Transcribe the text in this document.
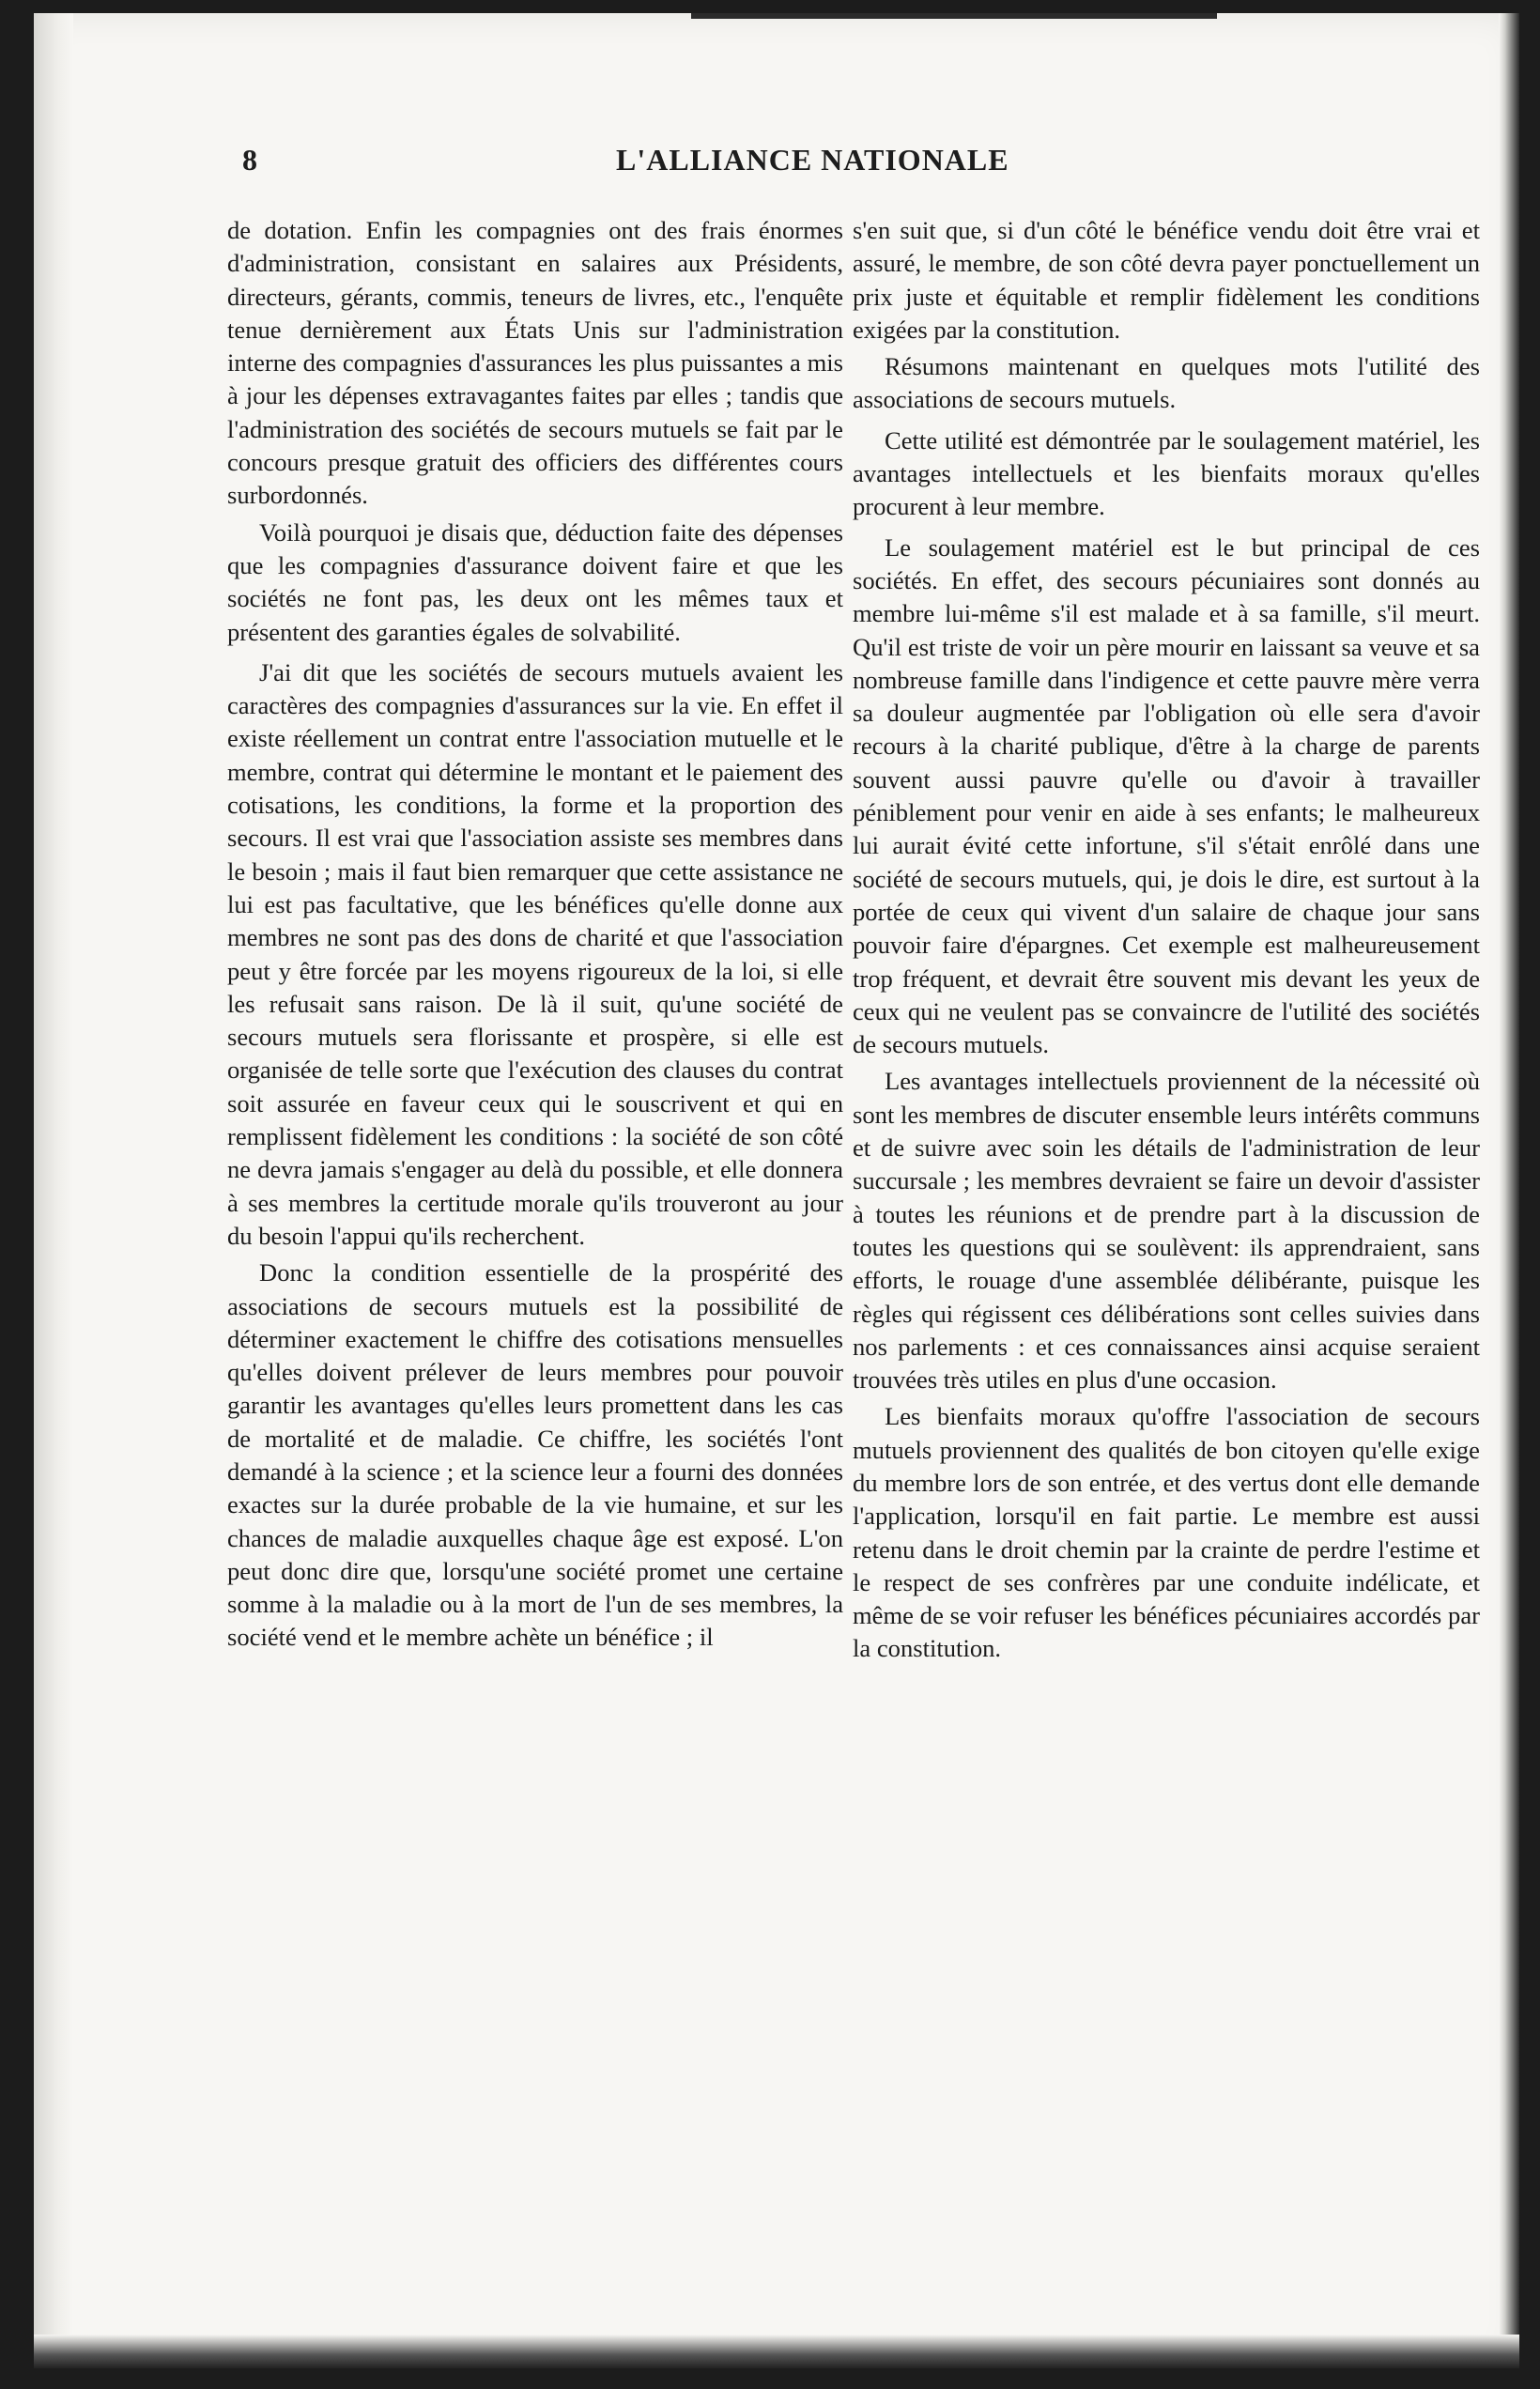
8	L'ALLIANCE NATIONALE

de dotation. Enfin les compagnies ont des frais énormes d'administration, consistant en salaires aux Présidents, directeurs, gérants, commis, teneurs de livres, etc., l'enquête tenue dernièrement aux États Unis sur l'administration interne des compagnies d'assurances les plus puissantes a mis à jour les dépenses extravagantes faites par elles ; tandis que l'administration des sociétés de secours mutuels se fait par le concours presque gratuit des officiers des différentes cours surbordonnés.

Voilà pourquoi je disais que, déduction faite des dépenses que les compagnies d'assurance doivent faire et que les sociétés ne font pas, les deux ont les mêmes taux et présentent des garanties égales de solvabilité.

J'ai dit que les sociétés de secours mutuels avaient les caractères des compagnies d'assurances sur la vie. En effet il existe réellement un contrat entre l'association mutuelle et le membre, contrat qui détermine le montant et le paiement des cotisations, les conditions, la forme et la proportion des secours. Il est vrai que l'association assiste ses membres dans le besoin ; mais il faut bien remarquer que cette assistance ne lui est pas facultative, que les bénéfices qu'elle donne aux membres ne sont pas des dons de charité et que l'association peut y être forcée par les moyens rigoureux de la loi, si elle les refusait sans raison. De là il suit, qu'une société de secours mutuels sera florissante et prospère, si elle est organisée de telle sorte que l'exécution des clauses du contrat soit assurée en faveur ceux qui le souscrivent et qui en remplissent fidèlement les conditions : la société de son côté ne devra jamais s'engager au delà du possible, et elle donnera à ses membres la certitude morale qu'ils trouveront au jour du besoin l'appui qu'ils recherchent.

Donc la condition essentielle de la prospérité des associations de secours mutuels est la possibilité de déterminer exactement le chiffre des cotisations mensuelles qu'elles doivent prélever de leurs membres pour pouvoir garantir les avantages qu'elles leurs promettent dans les cas de mortalité et de maladie. Ce chiffre, les sociétés l'ont demandé à la science ; et la science leur a fourni des données exactes sur la durée probable de la vie humaine, et sur les chances de maladie auxquelles chaque âge est exposé. L'on peut donc dire que, lorsqu'une société promet une certaine somme à la maladie ou à la mort de l'un de ses membres, la société vend et le membre achète un bénéfice ; il

s'en suit que, si d'un côté le bénéfice vendu doit être vrai et assuré, le membre, de son côté devra payer ponctuellement un prix juste et équitable et remplir fidèlement les conditions exigées par la constitution.

Résumons maintenant en quelques mots l'utilité des associations de secours mutuels.

Cette utilité est démontrée par le soulagement matériel, les avantages intellectuels et les bienfaits moraux qu'elles procurent à leur membre.

Le soulagement matériel est le but principal de ces sociétés. En effet, des secours pécuniaires sont donnés au membre lui-même s'il est malade et à sa famille, s'il meurt. Qu'il est triste de voir un père mourir en laissant sa veuve et sa nombreuse famille dans l'indigence et cette pauvre mère verra sa douleur augmentée par l'obligation où elle sera d'avoir recours à la charité publique, d'être à la charge de parents souvent aussi pauvre qu'elle ou d'avoir à travailler péniblement pour venir en aide à ses enfants; le malheureux lui aurait évité cette infortune, s'il s'était enrôlé dans une société de secours mutuels, qui, je dois le dire, est surtout à la portée de ceux qui vivent d'un salaire de chaque jour sans pouvoir faire d'épargnes. Cet exemple est malheureusement trop fréquent, et devrait être souvent mis devant les yeux de ceux qui ne veulent pas se convaincre de l'utilité des sociétés de secours mutuels.

Les avantages intellectuels proviennent de la nécessité où sont les membres de discuter ensemble leurs intérêts communs et de suivre avec soin les détails de l'administration de leur succursale ; les membres devraient se faire un devoir d'assister à toutes les réunions et de prendre part à la discussion de toutes les questions qui se soulèvent: ils apprendraient, sans efforts, le rouage d'une assemblée délibérante, puisque les règles qui régissent ces délibérations sont celles suivies dans nos parlements : et ces connaissances ainsi acquise seraient trouvées très utiles en plus d'une occasion.

Les bienfaits moraux qu'offre l'association de secours mutuels proviennent des qualités de bon citoyen qu'elle exige du membre lors de son entrée, et des vertus dont elle demande l'application, lorsqu'il en fait partie. Le membre est aussi retenu dans le droit chemin par la crainte de perdre l'estime et le respect de ses confrères par une conduite indélicate, et même de se voir refuser les bénéfices pécuniaires accordés par la constitution.
